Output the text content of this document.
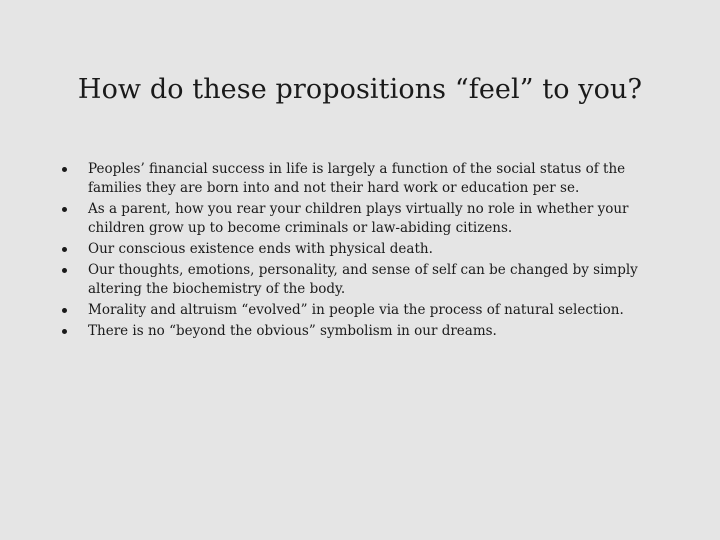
How do these propositions “feel” to you?
Peoples’ financial success in life is largely a function of the social status of the families they are born into and not their hard work or education per se.
As a parent, how you rear your children plays virtually no role in whether your children grow up to become criminals or law-abiding citizens.
Our conscious existence ends with physical death.
Our thoughts, emotions, personality, and sense of self can be changed by simply altering the biochemistry of the body.
Morality and altruism “evolved” in people via the process of natural selection.
There is no “beyond the obvious” symbolism in our dreams.
